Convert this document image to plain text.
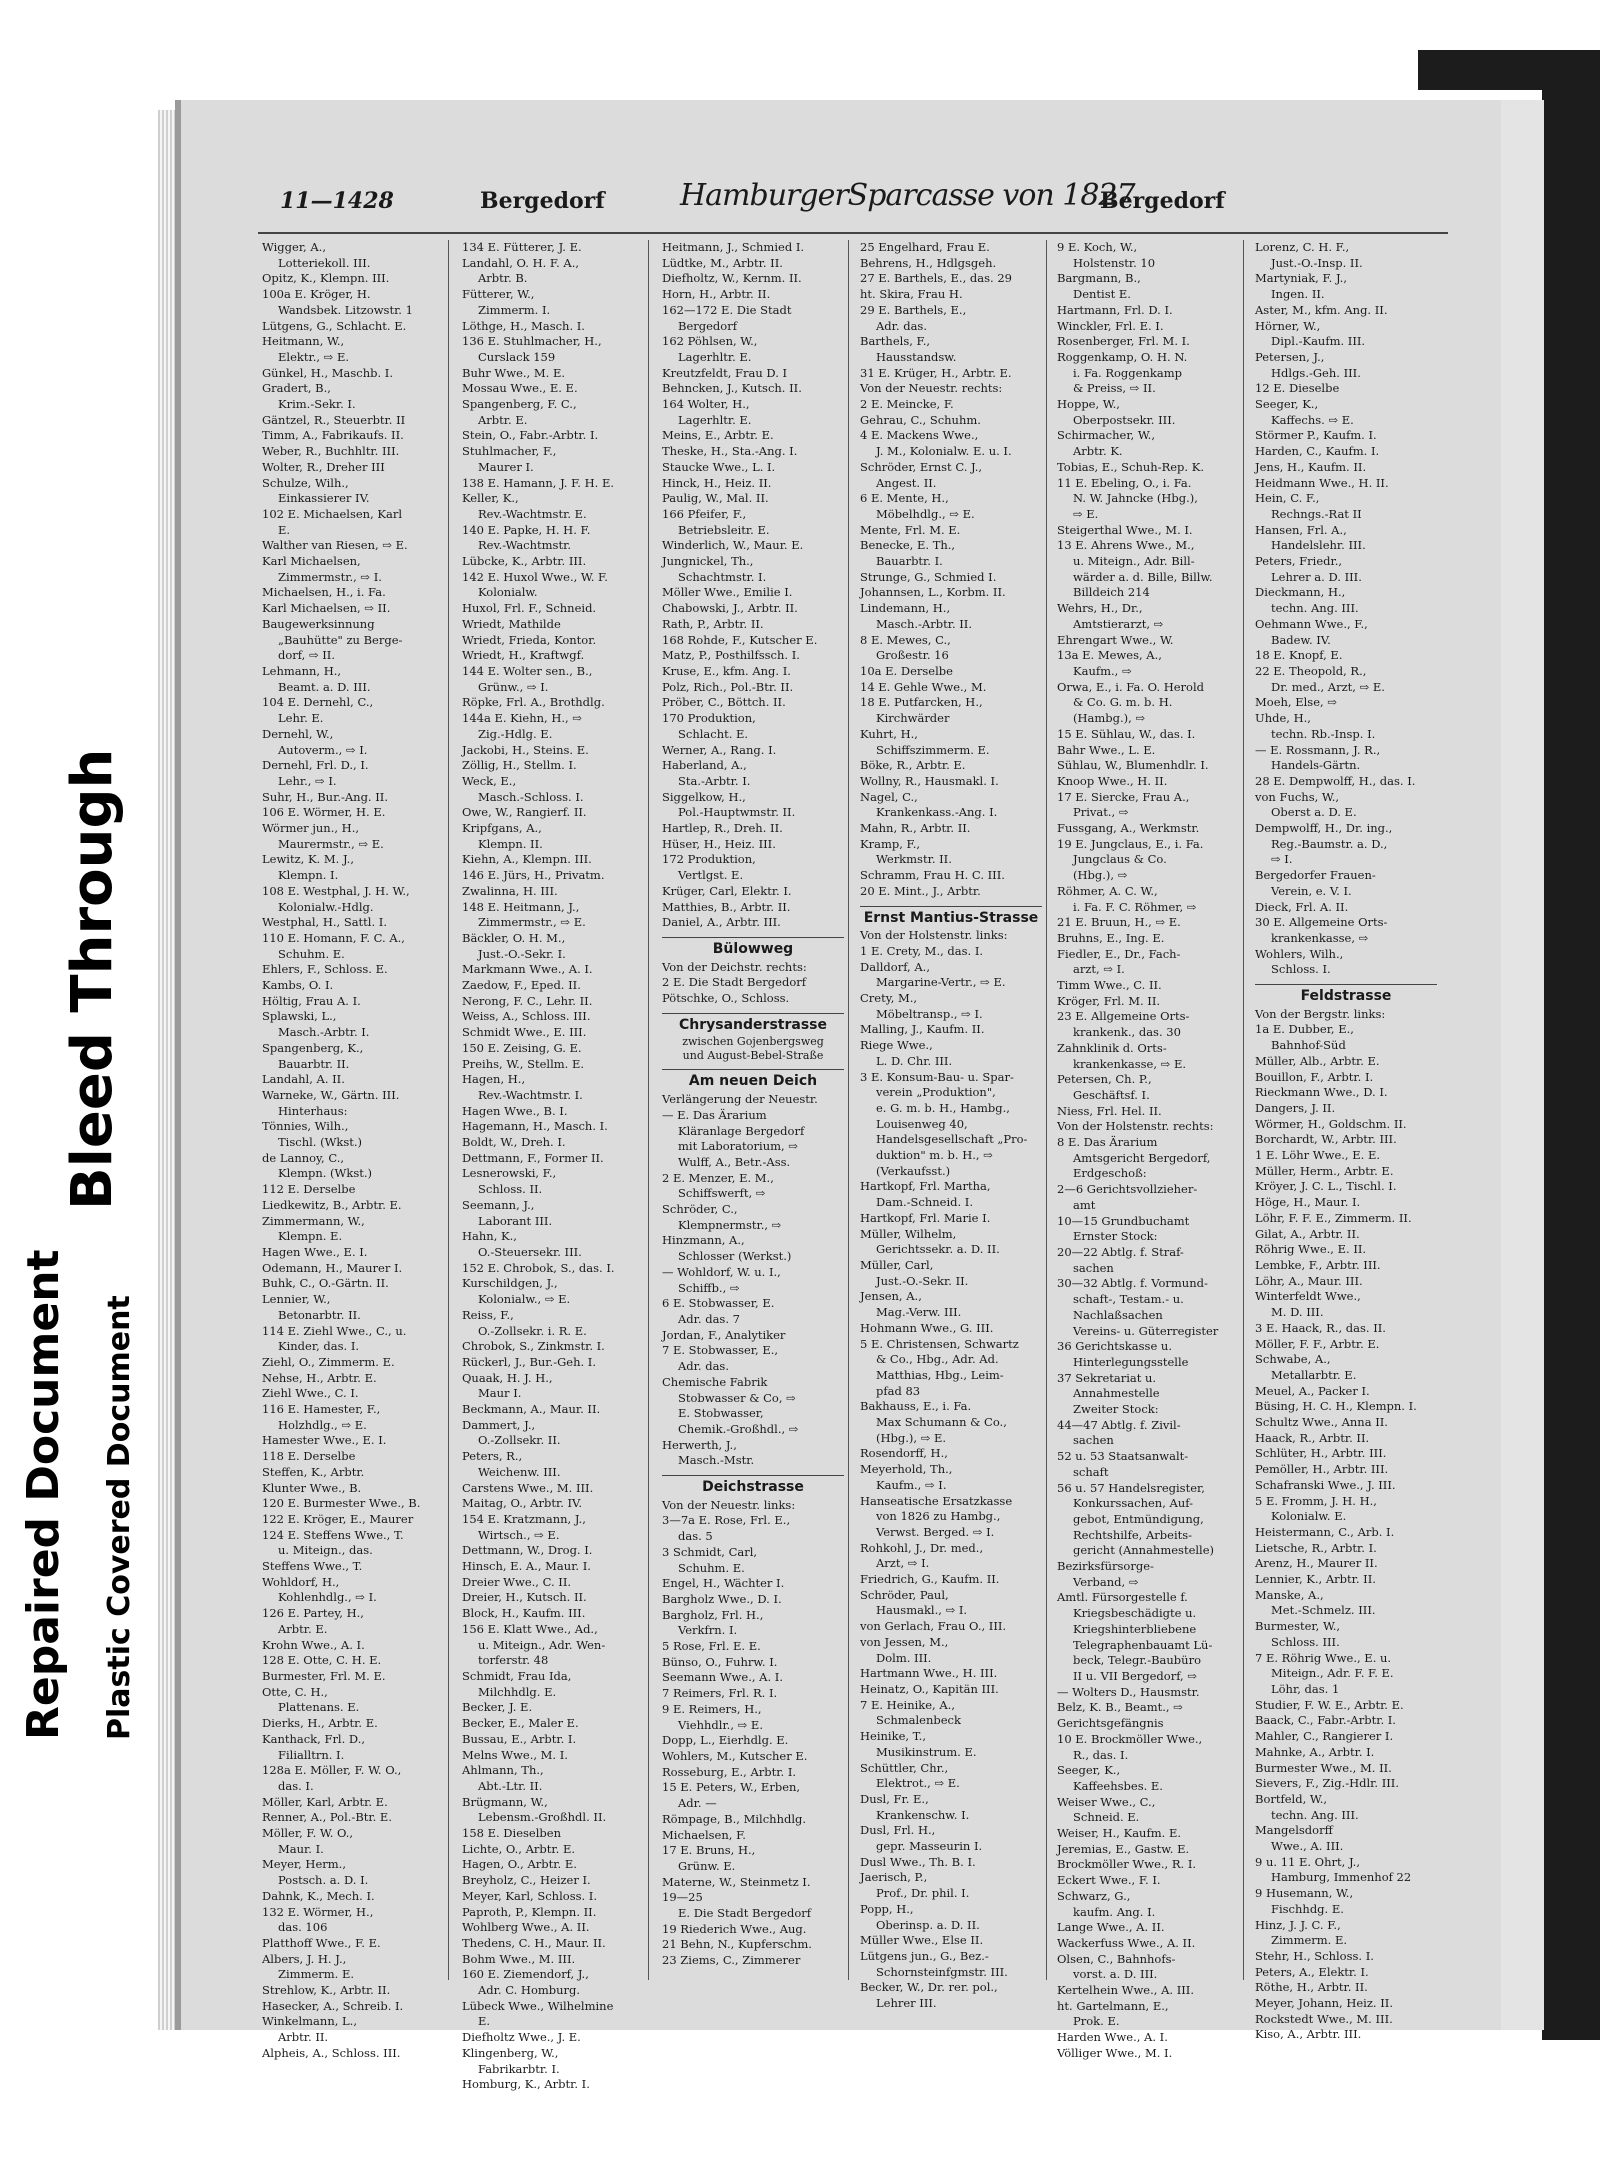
Bleed Through
Repaired Document Plastic Covered Document
11—1428	Bergedorf	HamburgerSparcasse von 1827
Bergedorf
Wigger, A.,
Lotteriekoll. III.
Opitz, K., Klempn. III.
100a E. Kröger, H.
Wandsbek. Litzowstr. 1
Lütgens, G., Schlacht. E.
Heitmann, W.,
Elektr., ⇨ E.
Günkel, H., Maschb. I.
Gradert, B.,
Krim.-Sekr. I.
Gäntzel, R., Steuerbtr. II
Timm, A., Fabrikaufs. II.
Weber, R., Buchhltr. III.
Wolter, R., Dreher III
Schulze, Wilh.,
Einkassierer IV.
102 E. Michaelsen, Karl
E.
Walther van Riesen, ⇨ E.
Karl Michaelsen,
Zimmermstr., ⇨ I.
Michaelsen, H., i. Fa.
Karl Michaelsen, ⇨ II.
Baugewerksinnung
„Bauhütte" zu Berge-
dorf, ⇨ II.
Lehmann, H.,
Beamt. a. D. III.
104 E. Dernehl, C.,
Lehr. E.
Dernehl, W.,
Autoverm., ⇨ I.
Dernehl, Frl. D., I.
Lehr., ⇨ I.
Suhr, H., Bur.-Ang. II.
106 E. Wörmer, H. E.
Wörmer jun., H.,
Maurermstr., ⇨ E.
Lewitz, K. M. J.,
Klempn. I.
108 E. Westphal, J. H. W.,
Kolonialw.-Hdlg.
Westphal, H., Sattl. I.
110 E. Homann, F. C. A.,
Schuhm. E.
Ehlers, F., Schloss. E.
Kambs, O. I.
Höltig, Frau A. I.
Splawski, L.,
Masch.-Arbtr. I.
Spangenberg, K.,
Bauarbtr. II.
Landahl, A. II.
Warneke, W., Gärtn. III.
Hinterhaus:
Tönnies, Wilh.,
Tischl. (Wkst.)
de Lannoy, C.,
Klempn. (Wkst.)
112 E. Derselbe
Liedkewitz, B., Arbtr. E.
Zimmermann, W.,
Klempn. E.
Hagen Wwe., E. I.
Odemann, H., Maurer I.
Buhk, C., O.-Gärtn. II.
Lennier, W.,
Betonarbtr. II.
114 E. Ziehl Wwe., C., u.
Kinder, das. I.
Ziehl, O., Zimmerm. E.
Nehse, H., Arbtr. E.
Ziehl Wwe., C. I.
116 E. Hamester, F.,
Holzhdlg., ⇨ E.
Hamester Wwe., E. I.
118 E. Derselbe
Steffen, K., Arbtr.
Klunter Wwe., B.
120 E. Burmester Wwe., B.
122 E. Kröger, E., Maurer
124 E. Steffens Wwe., T.
u. Miteign., das.
Steffens Wwe., T.
Wohldorf, H.,
Kohlenhdlg., ⇨ I.
126 E. Partey, H.,
Arbtr. E.
Krohn Wwe., A. I.
128 E. Otte, C. H. E.
Burmester, Frl. M. E.
Otte, C. H.,
Plattenans. E.
Dierks, H., Arbtr. E.
Kanthack, Frl. D.,
Filialltrn. I.
128a E. Möller, F. W. O.,
das. I.
Möller, Karl, Arbtr. E.
Renner, A., Pol.-Btr. E.
Möller, F. W. O.,
Maur. I.
Meyer, Herm.,
Postsch. a. D. I.
Dahnk, K., Mech. I.
132 E. Wörmer, H.,
das. 106
Platthoff Wwe., F. E.
Albers, J. H. J.,
Zimmerm. E.
Strehlow, K., Arbtr. II.
Hasecker, A., Schreib. I.
Winkelmann, L.,
Arbtr. II.
Alpheis, A., Schloss. III.
134 E. Fütterer, J. E.
Landahl, O. H. F. A.,
Arbtr. B.
Fütterer, W.,
Zimmerm. I.
Löthge, H., Masch. I.
136 E. Stuhlmacher, H.,
Curslack 159
Buhr Wwe., M. E.
Mossau Wwe., E. E.
Spangenberg, F. C.,
Arbtr. E.
Stein, O., Fabr.-Arbtr. I.
Stuhlmacher, F.,
Maurer I.
138 E. Hamann, J. F. H. E.
Keller, K.,
Rev.-Wachtmstr. E.
140 E. Papke, H. H. F.
Rev.-Wachtmstr.
Lübcke, K., Arbtr. III.
142 E. Huxol Wwe., W. F.
Kolonialw.
Huxol, Frl. F., Schneid.
Wriedt, Mathilde
Wriedt, Frieda, Kontor.
Wriedt, H., Kraftwgf.
144 E. Wolter sen., B.,
Grünw., ⇨ I.
Röpke, Frl. A., Brothdlg.
144a E. Kiehn, H., ⇨
Zig.-Hdlg. E.
Jackobi, H., Steins. E.
Zöllig, H., Stellm. I.
Weck, E.,
Masch.-Schloss. I.
Owe, W., Rangierf. II.
Kripfgans, A.,
Klempn. II.
Kiehn, A., Klempn. III.
146 E. Jürs, H., Privatm.
Zwalinna, H. III.
148 E. Heitmann, J.,
Zimmermstr., ⇨ E.
Bäckler, O. H. M.,
Just.-O.-Sekr. I.
Markmann Wwe., A. I.
Zaedow, F., Eped. II.
Nerong, F. C., Lehr. II.
Weiss, A., Schloss. III.
Schmidt Wwe., E. III.
150 E. Zeising, G. E.
Preihs, W., Stellm. E.
Hagen, H.,
Rev.-Wachtmstr. I.
Hagen Wwe., B. I.
Hagemann, H., Masch. I.
Boldt, W., Dreh. I.
Dettmann, F., Former II.
Lesnerowski, F.,
Schloss. II.
Seemann, J.,
Laborant III.
Hahn, K.,
O.-Steuersekr. III.
152 E. Chrobok, S., das. I.
Kurschildgen, J.,
Kolonialw., ⇨ E.
Reiss, F.,
O.-Zollsekr. i. R. E.
Chrobok, S., Zinkmstr. I.
Rückerl, J., Bur.-Geh. I.
Quaak, H. J. H.,
Maur I.
Beckmann, A., Maur. II.
Dammert, J.,
O.-Zollsekr. II.
Peters, R.,
Weichenw. III.
Carstens Wwe., M. III.
Maitag, O., Arbtr. IV.
154 E. Kratzmann, J.,
Wirtsch., ⇨ E.
Dettmann, W., Drog. I.
Hinsch, E. A., Maur. I.
Dreier Wwe., C. II.
Dreier, H., Kutsch. II.
Block, H., Kaufm. III.
156 E. Klatt Wwe., Ad.,
u. Miteign., Adr. Wen-
torferstr. 48
Schmidt, Frau Ida,
Milchhdlg. E.
Becker, J. E.
Becker, E., Maler E.
Bussau, E., Arbtr. I.
Melns Wwe., M. I.
Ahlmann, Th.,
Abt.-Ltr. II.
Brügmann, W.,
Lebensm.-Großhdl. II.
158 E. Dieselben
Lichte, O., Arbtr. E.
Hagen, O., Arbtr. E.
Breyholz, C., Heizer I.
Meyer, Karl, Schloss. I.
Paproth, P., Klempn. II.
Wohlberg Wwe., A. II.
Thedens, C. H., Maur. II.
Bohm Wwe., M. III.
160 E. Ziemendorf, J.,
Adr. C. Homburg.
Lübeck Wwe., Wilhelmine
E.
Diefholtz Wwe., J. E.
Klingenberg, W.,
Fabrikarbtr. I.
Homburg, K., Arbtr. I.
Heitmann, J., Schmied I.
Lüdtke, M., Arbtr. II.
Diefholtz, W., Kernm. II.
Horn, H., Arbtr. II.
162—172 E. Die Stadt
Bergedorf
162 Pöhlsen, W.,
Lagerhltr. E.
Kreutzfeldt, Frau D. I
Behncken, J., Kutsch. II.
164 Wolter, H.,
Lagerhltr. E.
Meins, E., Arbtr. E.
Theske, H., Sta.-Ang. I.
Staucke Wwe., L. I.
Hinck, H., Heiz. II.
Paulig, W., Mal. II.
166 Pfeifer, F.,
Betriebsleitr. E.
Winderlich, W., Maur. E.
Jungnickel, Th.,
Schachtmstr. I.
Möller Wwe., Emilie I.
Chabowski, J., Arbtr. II.
Rath, P., Arbtr. II.
168 Rohde, F., Kutscher E.
Matz, P., Posthilfssch. I.
Kruse, E., kfm. Ang. I.
Polz, Rich., Pol.-Btr. II.
Pröber, C., Böttch. II.
170 Produktion,
Schlacht. E.
Werner, A., Rang. I.
Haberland, A.,
Sta.-Arbtr. I.
Siggelkow, H.,
Pol.-Hauptwmstr. II.
Hartlep, R., Dreh. II.
Hüser, H., Heiz. III.
172 Produktion,
Vertlgst. E.
Krüger, Carl, Elektr. I.
Matthies, B., Arbtr. II.
Daniel, A., Arbtr. III.
Bülowweg
Von der Deichstr. rechts:
2 E. Die Stadt Bergedorf
Pötschke, O., Schloss.
Chrysanderstrasse
zwischen Gojenbergsweg
und August-Bebel-Straße
Am neuen Deich
Verlängerung der Neuestr.
— E. Das Ärarium
Kläranlage Bergedorf
mit Laboratorium, ⇨
Wulff, A., Betr.-Ass.
2 E. Menzer, E. M.,
Schiffswerft, ⇨
Schröder, C.,
Klempnermstr., ⇨
Hinzmann, A.,
Schlosser (Werkst.)
— Wohldorf, W. u. I.,
Schiffb., ⇨
6 E. Stobwasser, E.
Adr. das. 7
Jordan, F., Analytiker
7 E. Stobwasser, E.,
Adr. das.
Chemische Fabrik
Stobwasser & Co, ⇨
E. Stobwasser,
Chemik.-Großhdl., ⇨
Herwerth, J.,
Masch.-Mstr.
Deichstrasse
Von der Neuestr. links:
3—7a E. Rose, Frl. E.,
das. 5
3 Schmidt, Carl,
Schuhm. E.
Engel, H., Wächter I.
Bargholz Wwe., D. I.
Bargholz, Frl. H.,
Verkfrn. I.
5 Rose, Frl. E. E.
Bünso, O., Fuhrw. I.
Seemann Wwe., A. I.
7 Reimers, Frl. R. I.
9 E. Reimers, H.,
Viehhdlr., ⇨ E.
Dopp, L., Eierhdlg. E.
Wohlers, M., Kutscher E.
Rosseburg, E., Arbtr. I.
15 E. Peters, W., Erben,
Adr. —
Römpage, B., Milchhdlg.
Michaelsen, F.
17 E. Bruns, H.,
Grünw. E.
Materne, W., Steinmetz I.
19—25
E. Die Stadt Bergedorf
19 Riederich Wwe., Aug.
21 Behn, N., Kupferschm.
23 Ziems, C., Zimmerer
25 Engelhard, Frau E.
Behrens, H., Hdlgsgeh.
27 E. Barthels, E., das. 29
ht. Skira, Frau H.
29 E. Barthels, E.,
Adr. das.
Barthels, F.,
Hausstandsw.
31 E. Krüger, H., Arbtr. E.
Von der Neuestr. rechts:
2 E. Meincke, F.
Gehrau, C., Schuhm.
4 E. Mackens Wwe.,
J. M., Kolonialw. E. u. I.
Schröder, Ernst C. J.,
Angest. II.
6 E. Mente, H.,
Möbelhdlg., ⇨ E.
Mente, Frl. M. E.
Benecke, E. Th.,
Bauarbtr. I.
Strunge, G., Schmied I.
Johannsen, L., Korbm. II.
Lindemann, H.,
Masch.-Arbtr. II.
8 E. Mewes, C.,
Großestr. 16
10a E. Derselbe
14 E. Gehle Wwe., M.
18 E. Putfarcken, H.,
Kirchwärder
Kuhrt, H.,
Schiffszimmerm. E.
Böke, R., Arbtr. E.
Wollny, R., Hausmakl. I.
Nagel, C.,
Krankenkass.-Ang. I.
Mahn, R., Arbtr. II.
Kramp, F.,
Werkmstr. II.
Schramm, Frau H. C. III.
20 E. Mint., J., Arbtr.
Ernst Mantius-Strasse
Von der Holstenstr. links:
1 E. Crety, M., das. I.
Dalldorf, A.,
Margarine-Vertr., ⇨ E.
Crety, M.,
Möbeltransp., ⇨ I.
Malling, J., Kaufm. II.
Riege Wwe.,
L. D. Chr. III.
3 E. Konsum-Bau- u. Spar-
verein „Produktion",
e. G. m. b. H., Hambg.,
Louisenweg 40,
Handelsgesellschaft „Pro-
duktion" m. b. H., ⇨
(Verkaufsst.)
Hartkopf, Frl. Martha,
Dam.-Schneid. I.
Hartkopf, Frl. Marie I.
Müller, Wilhelm,
Gerichtssekr. a. D. II.
Müller, Carl,
Just.-O.-Sekr. II.
Jensen, A.,
Mag.-Verw. III.
Hohmann Wwe., G. III.
5 E. Christensen, Schwartz
& Co., Hbg., Adr. Ad.
Matthias, Hbg., Leim-
pfad 83
Bakhauss, E., i. Fa.
Max Schumann & Co.,
(Hbg.), ⇨ E.
Rosendorff, H.,
Meyerhold, Th.,
Kaufm., ⇨ I.
Hanseatische Ersatzkasse
von 1826 zu Hambg.,
Verwst. Berged. ⇨ I.
Rohkohl, J., Dr. med.,
Arzt, ⇨ I.
Friedrich, G., Kaufm. II.
Schröder, Paul,
Hausmakl., ⇨ I.
von Gerlach, Frau O., III.
von Jessen, M.,
Dolm. III.
Hartmann Wwe., H. III.
Heinatz, O., Kapitän III.
7 E. Heinike, A.,
Schmalenbeck
Heinike, T.,
Musikinstrum. E.
Schüttler, Chr.,
Elektrot., ⇨ E.
Dusl, Fr. E.,
Krankenschw. I.
Dusl, Frl. H.,
gepr. Masseurin I.
Dusl Wwe., Th. B. I.
Jaerisch, P.,
Prof., Dr. phil. I.
Popp, H.,
Oberinsp. a. D. II.
Müller Wwe., Else II.
Lütgens jun., G., Bez.-
Schornsteinfgmstr. III.
Becker, W., Dr. rer. pol.,
Lehrer III.
9 E. Koch, W.,
Holstenstr. 10
Bargmann, B.,
Dentist E.
Hartmann, Frl. D. I.
Winckler, Frl. E. I.
Rosenberger, Frl. M. I.
Roggenkamp, O. H. N.
i. Fa. Roggenkamp
& Preiss, ⇨ II.
Hoppe, W.,
Oberpostsekr. III.
Schirmacher, W.,
Arbtr. K.
Tobias, E., Schuh-Rep. K.
11 E. Ebeling, O., i. Fa.
N. W. Jahncke (Hbg.),
⇨ E.
Steigerthal Wwe., M. I.
13 E. Ahrens Wwe., M.,
u. Miteign., Adr. Bill-
wärder a. d. Bille, Billw.
Billdeich 214
Wehrs, H., Dr.,
Amtstierarzt, ⇨
Ehrengart Wwe., W.
13a E. Mewes, A.,
Kaufm., ⇨
Orwa, E., i. Fa. O. Herold
& Co. G. m. b. H.
(Hambg.), ⇨
15 E. Sühlau, W., das. I.
Bahr Wwe., L. E.
Sühlau, W., Blumenhdlr. I.
Knoop Wwe., H. II.
17 E. Siercke, Frau A.,
Privat., ⇨
Fussgang, A., Werkmstr.
19 E. Jungclaus, E., i. Fa.
Jungclaus & Co.
(Hbg.), ⇨
Röhmer, A. C. W.,
i. Fa. F. C. Röhmer, ⇨
21 E. Bruun, H., ⇨ E.
Bruhns, E., Ing. E.
Fiedler, E., Dr., Fach-
arzt, ⇨ I.
Timm Wwe., C. II.
Kröger, Frl. M. II.
23 E. Allgemeine Orts-
krankenk., das. 30
Zahnklinik d. Orts-
krankenkasse, ⇨ E.
Petersen, Ch. P.,
Geschäftsf. I.
Niess, Frl. Hel. II.
Von der Holstenstr. rechts:
8 E. Das Ärarium
Amtsgericht Bergedorf,
Erdgeschoß:
2—6 Gerichtsvollzieher-
amt
10—15 Grundbuchamt
Ernster Stock:
20—22 Abtlg. f. Straf-
sachen
30—32 Abtlg. f. Vormund-
schaft-, Testam.- u.
Nachlaßsachen
Vereins- u. Güterregister
36 Gerichtskasse u.
Hinterlegungsstelle
37 Sekretariat u.
Annahmestelle
Zweiter Stock:
44—47 Abtlg. f. Zivil-
sachen
52 u. 53 Staatsanwalt-
schaft
56 u. 57 Handelsregister,
Konkurssachen, Auf-
gebot, Entmündigung,
Rechtshilfe, Arbeits-
gericht (Annahmestelle)
Bezirksfürsorge-
Verband, ⇨
Amtl. Fürsorgestelle f.
Kriegsbeschädigte u.
Kriegshinterbliebene
Telegraphenbauamt Lü-
beck, Telegr.-Baubüro
II u. VII Bergedorf, ⇨
— Wolters D., Hausmstr.
Belz, K. B., Beamt., ⇨
Gerichtsgefängnis
10 E. Brockmöller Wwe.,
R., das. I.
Seeger, K.,
Kaffeehsbes. E.
Weiser Wwe., C.,
Schneid. E.
Weiser, H., Kaufm. E.
Jeremias, E., Gastw. E.
Brockmöller Wwe., R. I.
Eckert Wwe., F. I.
Schwarz, G.,
kaufm. Ang. I.
Lange Wwe., A. II.
Wackerfuss Wwe., A. II.
Olsen, C., Bahnhofs-
vorst. a. D. III.
Kertelhein Wwe., A. III.
ht. Gartelmann, E.,
Prok. E.
Harden Wwe., A. I.
Völliger Wwe., M. I.
Lorenz, C. H. F.,
Just.-O.-Insp. II.
Martyniak, F. J.,
Ingen. II.
Aster, M., kfm. Ang. II.
Hörner, W.,
Dipl.-Kaufm. III.
Petersen, J.,
Hdlgs.-Geh. III.
12 E. Dieselbe
Seeger, K.,
Kaffechs. ⇨ E.
Störmer P., Kaufm. I.
Harden, C., Kaufm. I.
Jens, H., Kaufm. II.
Heidmann Wwe., H. II.
Hein, C. F.,
Rechngs.-Rat II
Hansen, Frl. A.,
Handelslehr. III.
Peters, Friedr.,
Lehrer a. D. III.
Dieckmann, H.,
techn. Ang. III.
Oehmann Wwe., F.,
Badew. IV.
18 E. Knopf, E.
22 E. Theopold, R.,
Dr. med., Arzt, ⇨ E.
Moeh, Else, ⇨
Uhde, H.,
techn. Rb.-Insp. I.
— E. Rossmann, J. R.,
Handels-Gärtn.
28 E. Dempwolff, H., das. I.
von Fuchs, W.,
Oberst a. D. E.
Dempwolff, H., Dr. ing.,
Reg.-Baumstr. a. D.,
⇨ I.
Bergedorfer Frauen-
Verein, e. V. I.
Dieck, Frl. A. II.
30 E. Allgemeine Orts-
krankenkasse, ⇨
Wohlers, Wilh.,
Schloss. I.
Feldstrasse
Von der Bergstr. links:
1a E. Dubber, E.,
Bahnhof-Süd
Müller, Alb., Arbtr. E.
Bouillon, F., Arbtr. I.
Rieckmann Wwe., D. I.
Dangers, J. II.
Wörmer, H., Goldschm. II.
Borchardt, W., Arbtr. III.
1 E. Löhr Wwe., E. E.
Müller, Herm., Arbtr. E.
Kröyer, J. C. L., Tischl. I.
Höge, H., Maur. I.
Löhr, F. F. E., Zimmerm. II.
Gilat, A., Arbtr. II.
Röhrig Wwe., E. II.
Lembke, F., Arbtr. III.
Löhr, A., Maur. III.
Winterfeldt Wwe.,
M. D. III.
3 E. Haack, R., das. II.
Möller, F. F., Arbtr. E.
Schwabe, A.,
Metallarbtr. E.
Meuel, A., Packer I.
Büsing, H. C. H., Klempn. I.
Schultz Wwe., Anna II.
Haack, R., Arbtr. II.
Schlüter, H., Arbtr. III.
Pemöller, H., Arbtr. III.
Schafranski Wwe., J. III.
5 E. Fromm, J. H. H.,
Kolonialw. E.
Heistermann, C., Arb. I.
Lietsche, R., Arbtr. I.
Arenz, H., Maurer II.
Lennier, K., Arbtr. II.
Manske, A.,
Met.-Schmelz. III.
Burmester, W.,
Schloss. III.
7 E. Röhrig Wwe., E. u.
Miteign., Adr. F. F. E.
Löhr, das. 1
Studier, F. W. E., Arbtr. E.
Baack, C., Fabr.-Arbtr. I.
Mahler, C., Rangierer I.
Mahnke, A., Arbtr. I.
Burmester Wwe., M. II.
Sievers, F., Zig.-Hdlr. III.
Bortfeld, W.,
techn. Ang. III.
Mangelsdorff
Wwe., A. III.
9 u. 11 E. Ohrt, J.,
Hamburg, Immenhof 22
9 Husemann, W.,
Fischhdg. E.
Hinz, J. J. C. F.,
Zimmerm. E.
Stehr, H., Schloss. I.
Peters, A., Elektr. I.
Röthe, H., Arbtr. II.
Meyer, Johann, Heiz. II.
Rockstedt Wwe., M. III.
Kiso, A., Arbtr. III.
